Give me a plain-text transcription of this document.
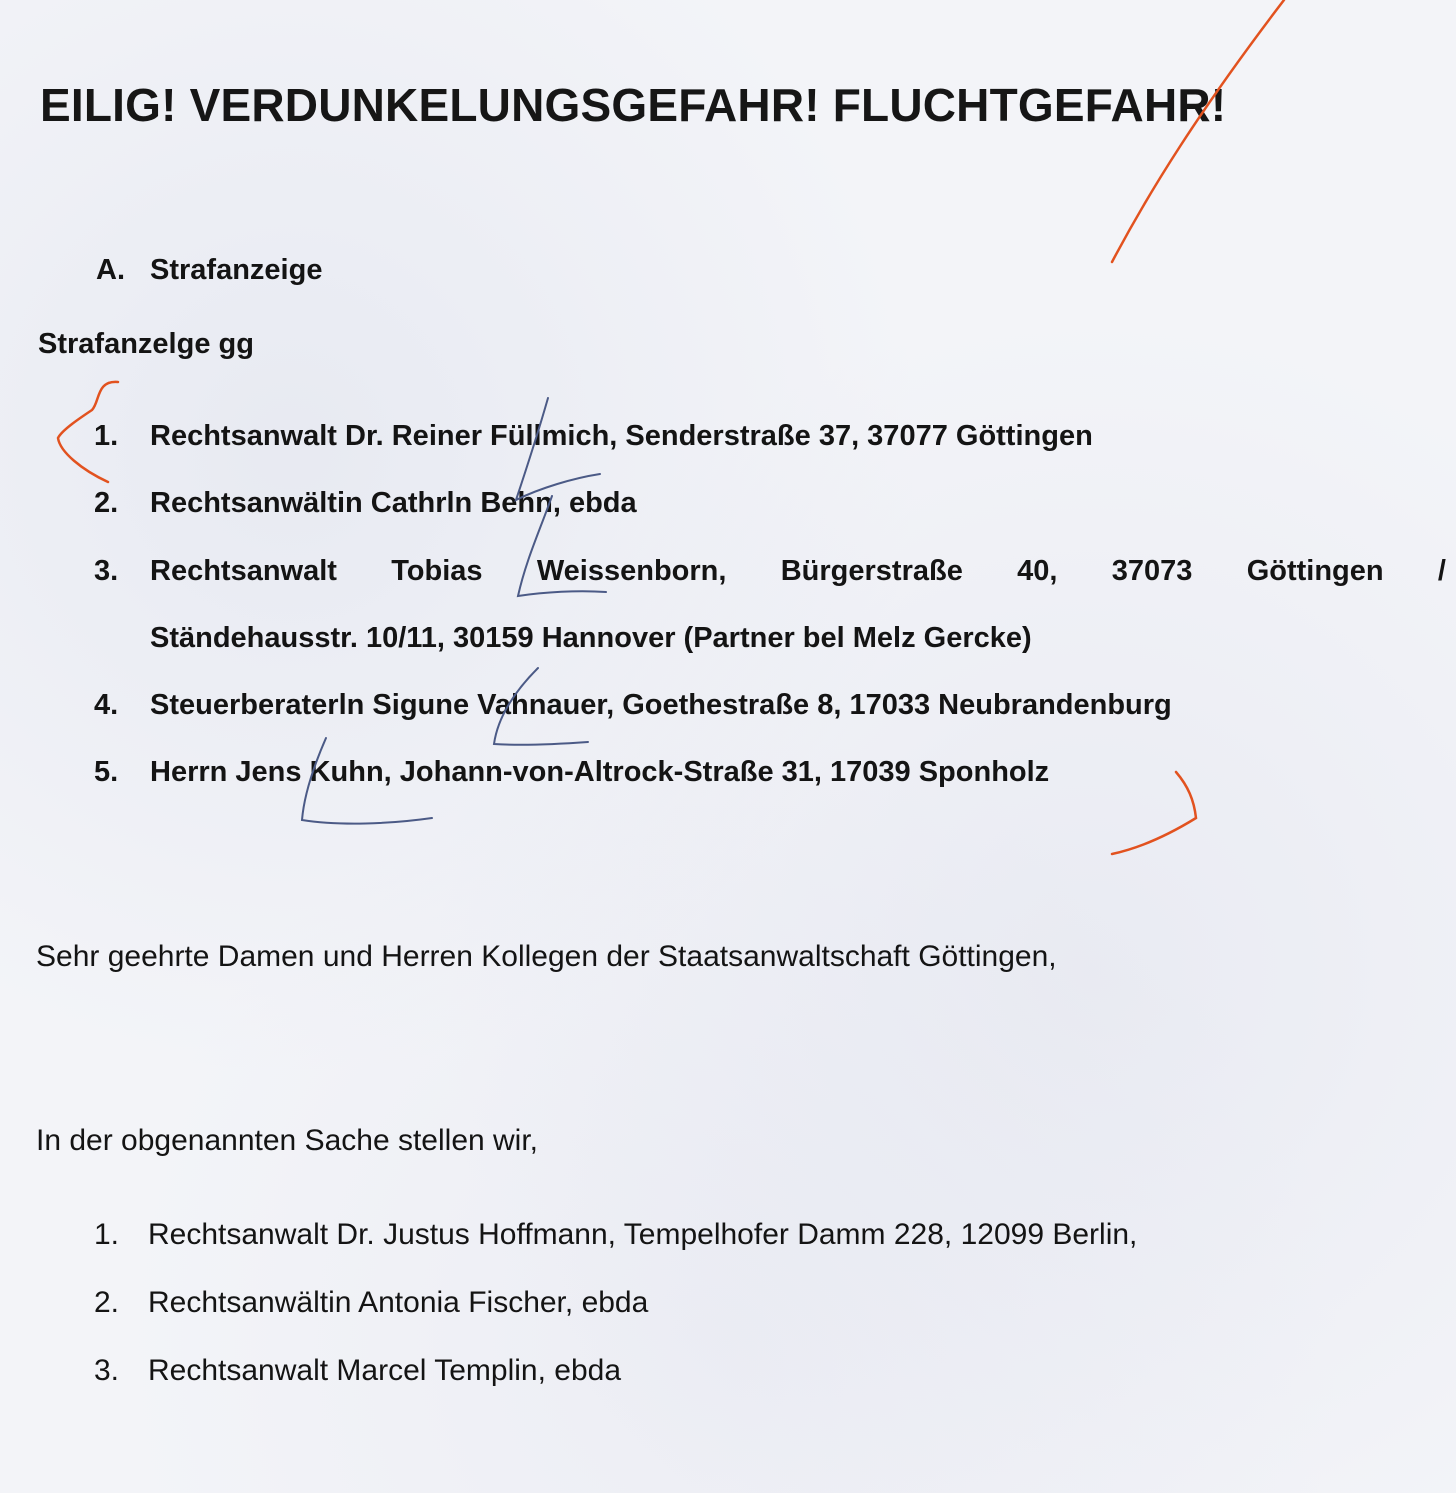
EILIG! VERDUNKELUNGSGEFAHR! FLUCHTGEFAHR!
A. Strafanzeige
Strafanzelge gg
1.	Rechtsanwalt Dr. Reiner Füllmich, Senderstraße 37, 37077 Göttingen
2.	Rechtsanwältin Cathrln Behn, ebda
3.	Rechtsanwalt Tobias Weissenborn, Bürgerstraße 40, 37073 Göttingen /
Ständehausstr. 10/11, 30159 Hannover (Partner bel Melz Gercke)
4.	Steuerberaterln Sigune Vahnauer, Goethestraße 8, 17033 Neubrandenburg
5.	Herrn Jens Kuhn, Johann-von-Altrock-Straße 31, 17039 Sponholz
Sehr geehrte Damen und Herren Kollegen der Staatsanwaltschaft Göttingen,
In der obgenannten Sache stellen wir,
1. Rechtsanwalt Dr. Justus Hoffmann, Tempelhofer Damm 228, 12099 Berlin,
2. Rechtsanwältin Antonia Fischer, ebda
3. Rechtsanwalt Marcel Templin, ebda
